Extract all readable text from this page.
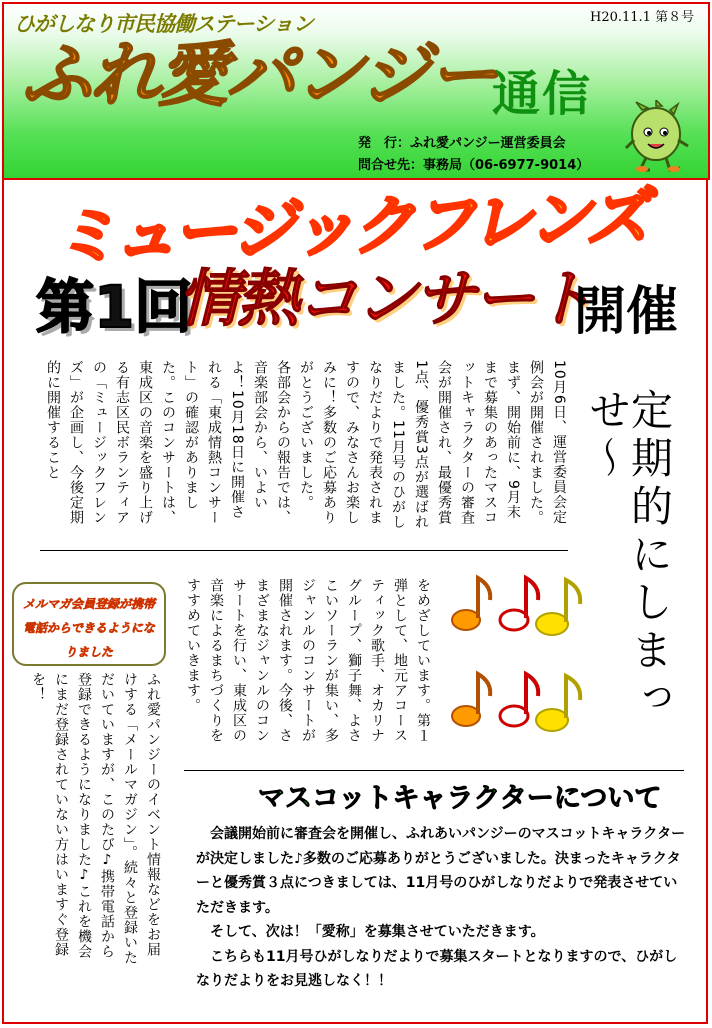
ひがしなり市民協働ステーション	H20.11.1 第８号
ふれ愛パンジー
通信
発　行：ふれ愛パンジー運営委員会
問合せ先：事務局（06-6977-9014）
ミュージックフレンズ
第1回
情熱コンサート
開催
10月6日、運営委員会定例会が開催されました。まず、開始前に、9月末まで募集のあったマスコットキャラクターの審査会が開催され、最優秀賞1点、優秀賞3点が選ばれました。11月号のひがしなりだよりで発表されますので、みなさんお楽しみに！多数のご応募ありがとうございました。　各部会からの報告では、音楽部会から、いよいよ！10月18日に開催される「東成情熱コンサート」の確認がありました。このコンサートは、東成区の音楽を盛り上げる有志区民ボランティアの「ミュージックフレンズ」が企画し、今後定期的に開催すること	定期的にしまっせ〜
をめざしています。第１弾として、地元アコースティック歌手、オカリナグループ、獅子舞、よさこいソーランが集い、多ジャンルのコンサートが開催されます。今後、さまざまなジャンルのコンサートを行い、東成区の音楽によるまちづくりをすすめていきます。
メルマガ会員登録が携帯電話からできるようになりました
ふれ愛パンジーのイベント情報などをお届けする「メールマガジン」。続々と登録いただいていますが、このたび♪携帯電話から登録できるようになりました♪これを機会にまだ登録されていない方はいますぐ登録を！
マスコットキャラクターについて

会議開始前に審査会を開催し、ふれあいパンジーのマスコットキャラクターが決定しました♪多数のご応募ありがとうございました。決まったキャラクターと優秀賞３点につきましては、11月号のひがしなりだよりで発表させていただきます。

そして、次は！「愛称」を募集させていただきます。

こちらも11月号ひがしなりだよりで募集スタートとなりますので、ひがしなりだよりをお見逃しなく！！
